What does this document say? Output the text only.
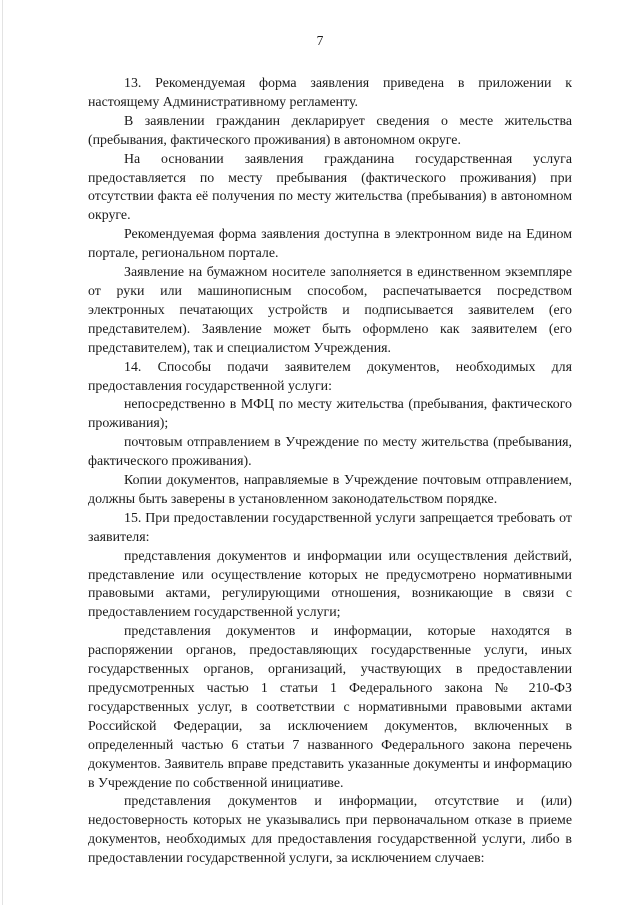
7

13. Рекомендуемая форма заявления приведена в приложении к настоящему Административному регламенту.

В заявлении гражданин декларирует сведения о месте жительства (пребывания, фактического проживания) в автономном округе.

На основании заявления гражданина государственная услуга предоставляется по месту пребывания (фактического проживания) при отсутствии факта её получения по месту жительства (пребывания) в автономном округе.

Рекомендуемая форма заявления доступна в электронном виде на Едином портале, региональном портале.

Заявление на бумажном носителе заполняется в единственном экземпляре от руки или машинописным способом, распечатывается посредством электронных печатающих устройств и подписывается заявителем (его представителем). Заявление может быть оформлено как заявителем (его представителем), так и специалистом Учреждения.

14. Способы подачи заявителем документов, необходимых для предоставления государственной услуги:

непосредственно в МФЦ по месту жительства (пребывания, фактического проживания);

почтовым отправлением в Учреждение по месту жительства (пребывания, фактического проживания).

Копии документов, направляемые в Учреждение почтовым отправлением, должны быть заверены в установленном законодательством порядке.

15. При предоставлении государственной услуги запрещается требовать от заявителя:

представления документов и информации или осуществления действий, представление или осуществление которых не предусмотрено нормативными правовыми актами, регулирующими отношения, возникающие в связи с предоставлением государственной услуги;

представления документов и информации, которые находятся в распоряжении органов, предоставляющих государственные услуги, иных государственных органов, организаций, участвующих в предоставлении предусмотренных частью 1 статьи 1 Федерального закона № 210-ФЗ государственных услуг, в соответствии с нормативными правовыми актами Российской Федерации, за исключением документов, включенных в определенный частью 6 статьи 7 названного Федерального закона перечень документов. Заявитель вправе представить указанные документы и информацию в Учреждение по собственной инициативе.

представления документов и информации, отсутствие и (или) недостоверность которых не указывались при первоначальном отказе в приеме документов, необходимых для предоставления государственной услуги, либо в предоставлении государственной услуги, за исключением случаев:
